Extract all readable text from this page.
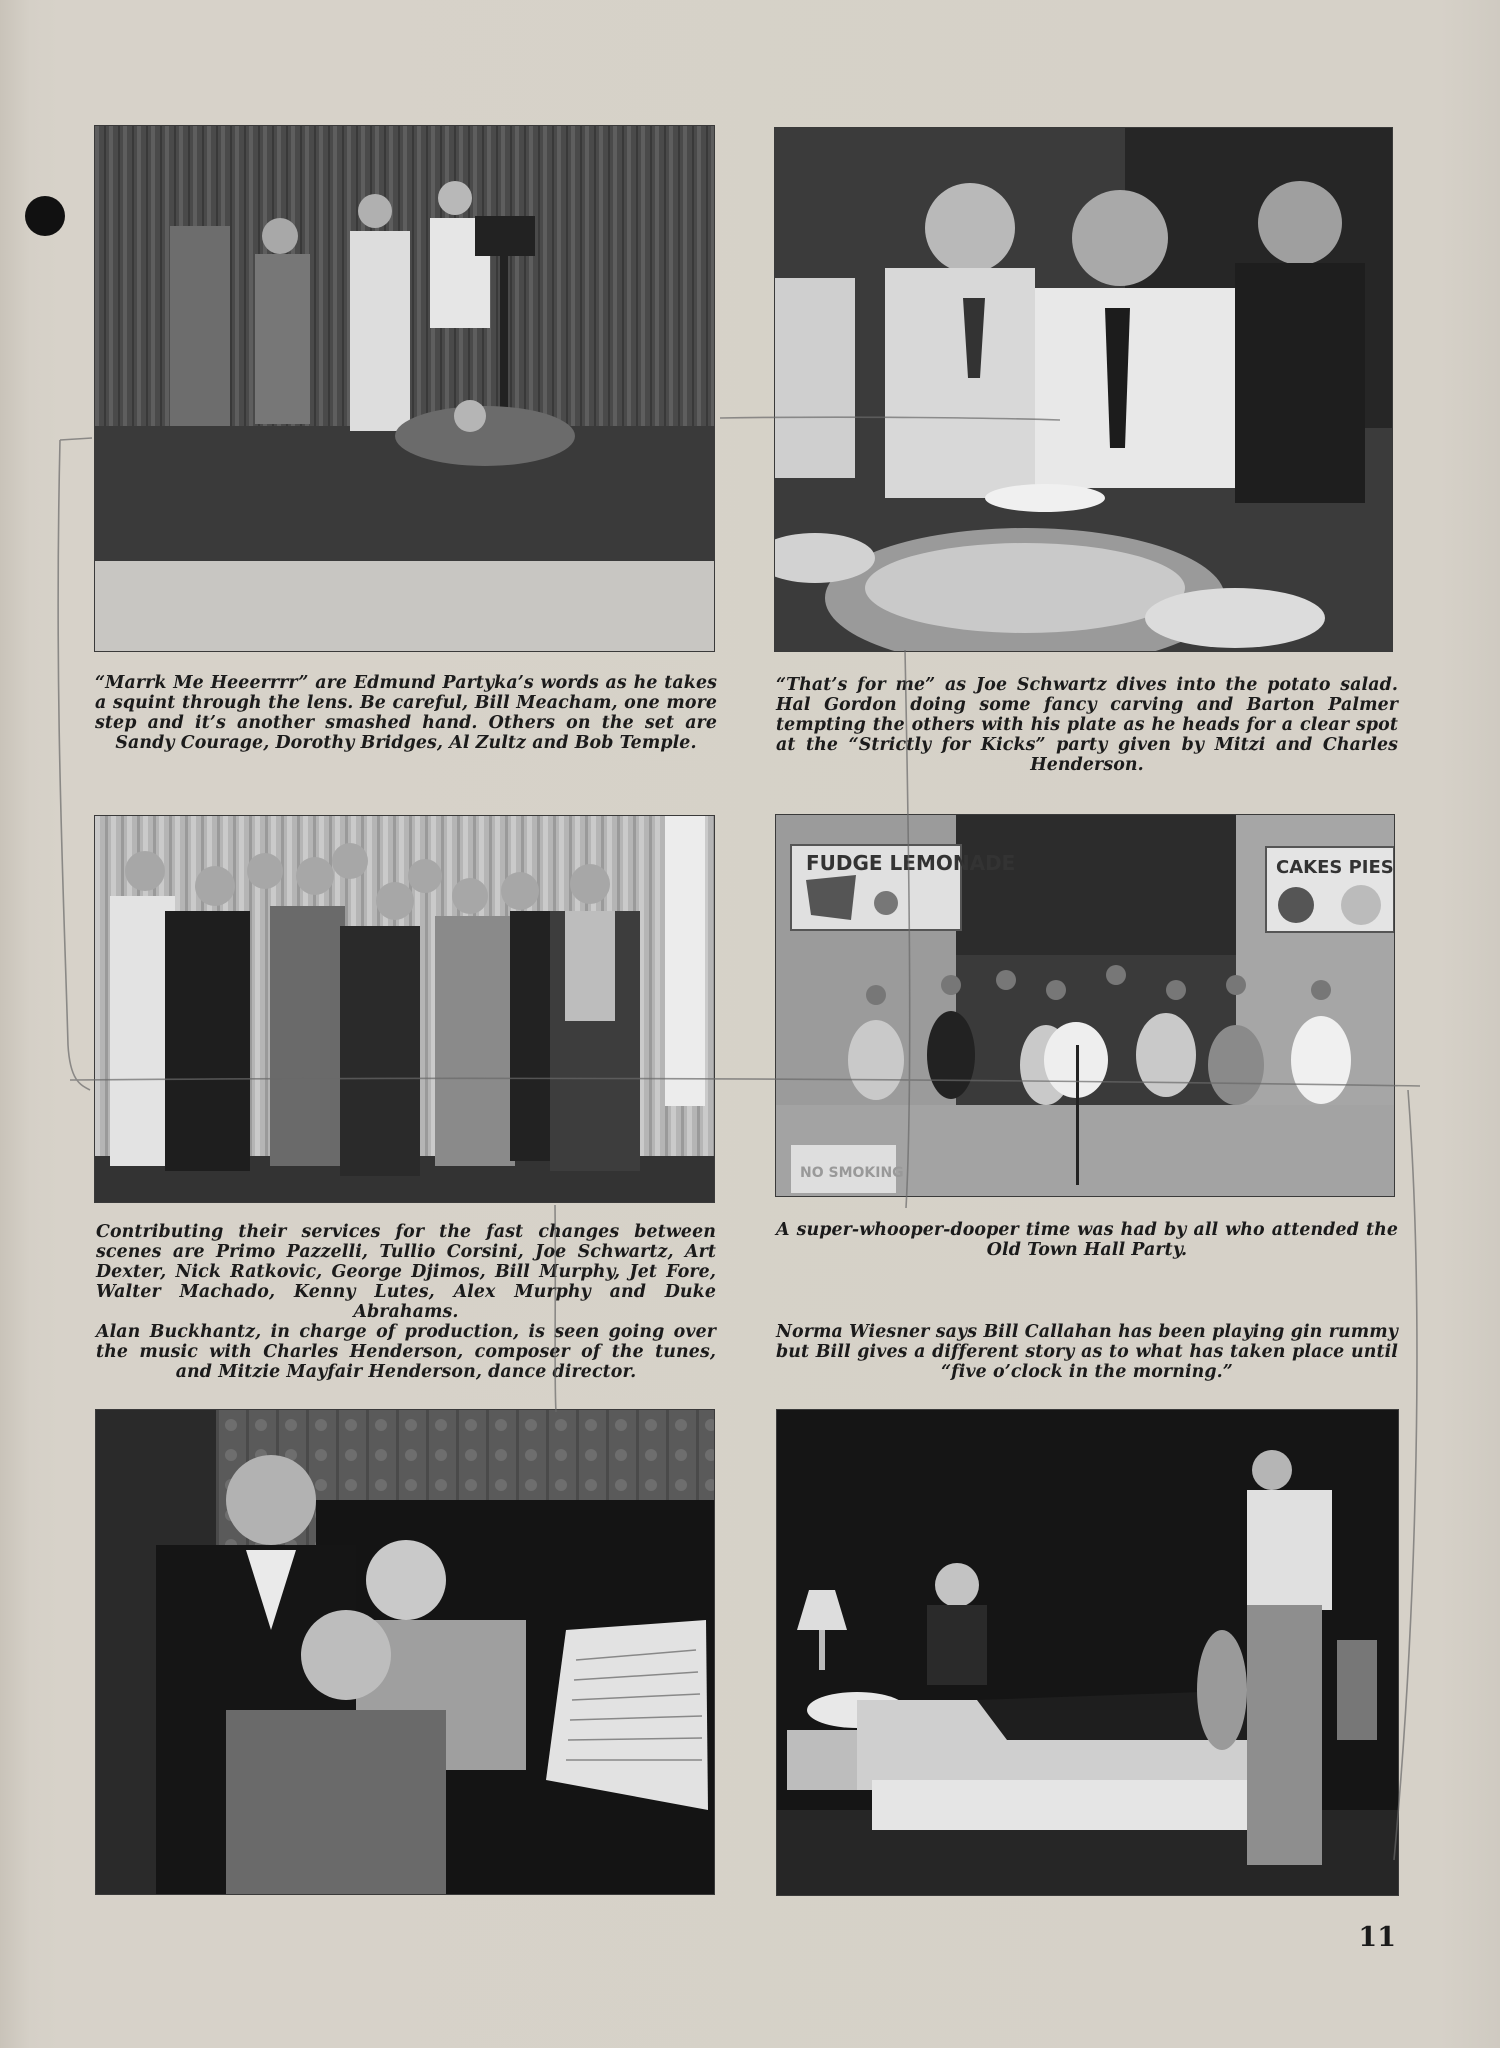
“Marrk Me Heeerrrr” are Edmund Partyka’s words as he takes a squint through the lens. Be careful, Bill Meacham, one more step and it’s another smashed hand. Others on the set are Sandy Courage, Dorothy Bridges, Al Zultz and Bob Temple.
“That’s for me” as Joe Schwartz dives into the potato salad. Hal Gordon doing some fancy carving and Barton Palmer tempting the others with his plate as he heads for a clear spot at the “Strictly for Kicks” party given by Mitzi and Charles Henderson.
FUDGE LEMONADE	CAKES PIES
NO SMOKING
Contributing their services for the fast changes between scenes are Primo Pazzelli, Tullio Corsini, Joe Schwartz, Art Dexter, Nick Ratkovic, George Djimos, Bill Murphy, Jet Fore, Walter Machado, Kenny Lutes, Alex Murphy and Duke Abrahams.
A super-whooper-dooper time was had by all who attended the Old Town Hall Party.
Alan Buckhantz, in charge of production, is seen going over the music with Charles Henderson, composer of the tunes, and Mitzie Mayfair Henderson, dance director.
Norma Wiesner says Bill Callahan has been playing gin rummy but Bill gives a different story as to what has taken place until “five o’clock in the morning.”
11
